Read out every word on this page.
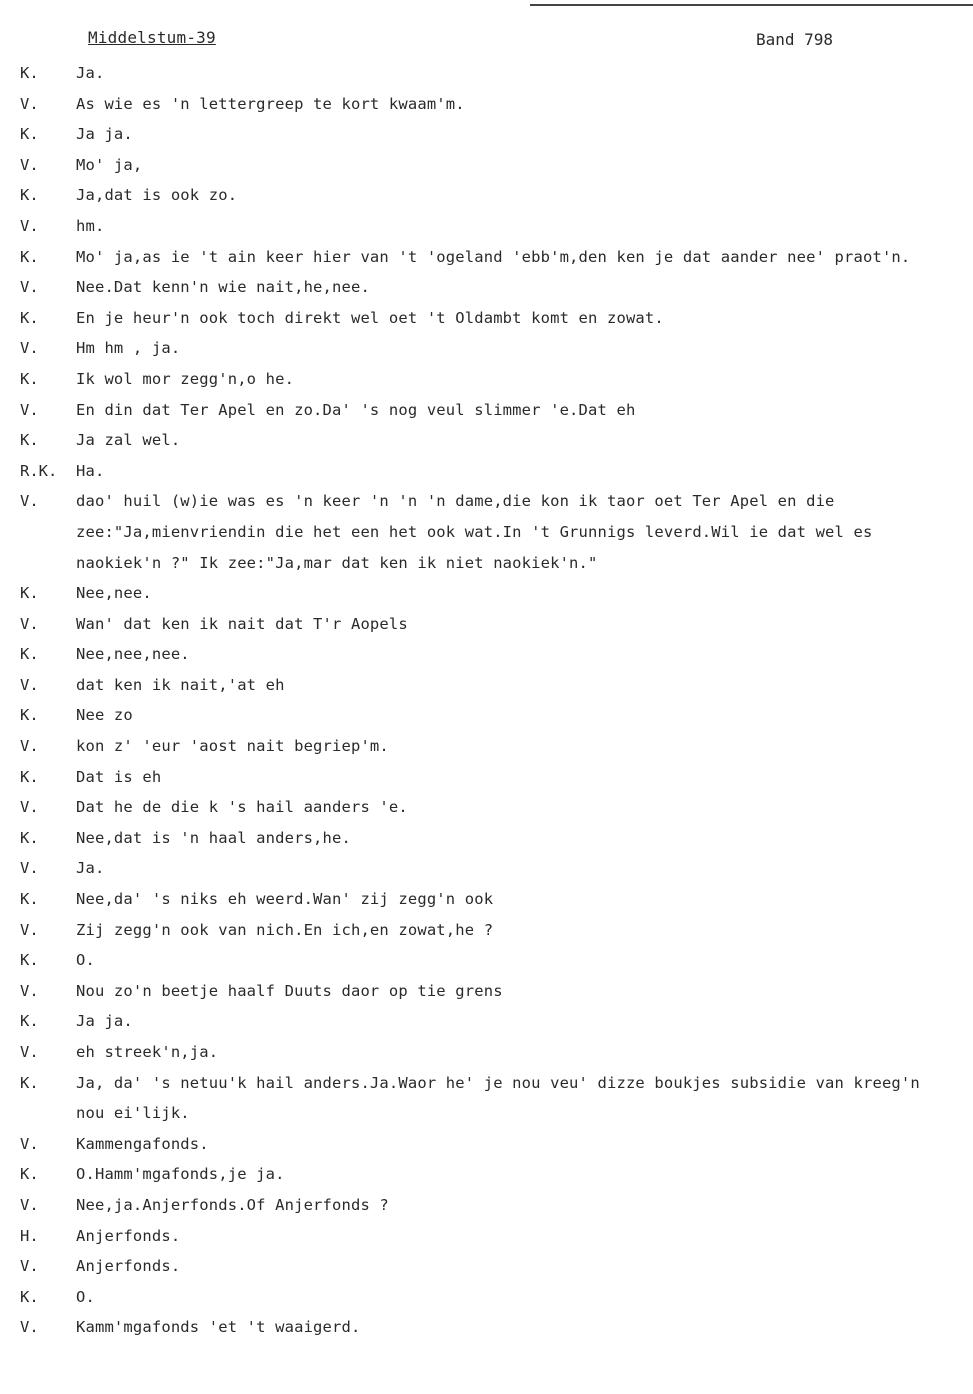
Middelstum-39	Band 798
K.	Ja.
V.	As wie es 'n lettergreep te kort kwaam'm.
K.	Ja ja.
V.	Mo' ja,
K.	Ja,dat is ook zo.
V.	hm.
K.	Mo' ja,as ie 't ain keer hier van 't 'ogeland 'ebb'm,den ken je dat aander nee' praot'n.
V.	Nee.Dat kenn'n wie nait,he,nee.
K.	En je heur'n ook toch direkt wel oet 't Oldambt komt en zowat.
V.	Hm hm , ja.
K.	Ik wol mor zegg'n,o he.
V.	En din dat Ter Apel en zo.Da' 's nog veul slimmer 'e.Dat eh
K.	Ja zal wel.
R.K.	Ha.
V.	dao' huil (w)ie was es 'n keer 'n 'n 'n dame,die kon ik taor oet Ter Apel en die zee:"Ja,mienvriendin die het een het ook wat.In 't Grunnigs leverd.Wil ie dat wel es naokiek'n ?" Ik zee:"Ja,mar dat ken ik niet naokiek'n."
K.	Nee,nee.
V.	Wan' dat ken ik nait dat T'r Aopels
K.	Nee,nee,nee.
V.	dat ken ik nait,'at eh
K.	Nee zo
V.	kon z' 'eur 'aost nait begriep'm.
K.	Dat is eh
V.	Dat he de die k 's hail aanders 'e.
K.	Nee,dat is 'n haal anders,he.
V.	Ja.
K.	Nee,da' 's niks eh weerd.Wan' zij zegg'n ook
V.	Zij zegg'n ook van nich.En ich,en zowat,he ?
K.	O.
V.	Nou zo'n beetje haalf Duuts daor op tie grens
K.	Ja ja.
V.	eh streek'n,ja.
K.	Ja, da' 's netuu'k hail anders.Ja.Waor he' je nou veu' dizze boukjes subsidie van kreeg'n nou ei'lijk.
V.	Kammengafonds.
K.	O.Hamm'mgafonds,je ja.
V.	Nee,ja.Anjerfonds.Of Anjerfonds ?
H.	Anjerfonds.
V.	Anjerfonds.
K.	O.
V.	Kamm'mgafonds 'et 't waaigerd.
